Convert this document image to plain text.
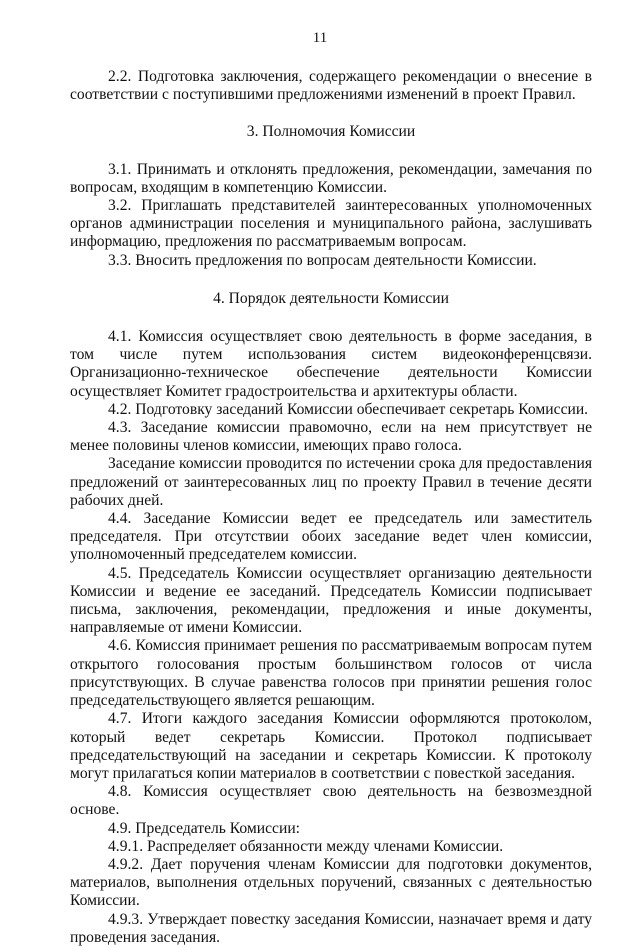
11

2.2. Подготовка заключения, содержащего рекомендации о внесение в соответствии с поступившими предложениями изменений в проект Правил.

3. Полномочия Комиссии

3.1. Принимать и отклонять предложения, рекомендации, замечания по вопросам, входящим в компетенцию Комиссии.

3.2. Приглашать представителей заинтересованных уполномоченных органов администрации поселения и муниципального района, заслушивать информацию, предложения по рассматриваемым вопросам.

3.3. Вносить предложения по вопросам деятельности Комиссии.

4. Порядок деятельности Комиссии

4.1. Комиссия осуществляет свою деятельность в форме заседания, в том числе путем использования систем видеоконференцсвязи. Организационно-техническое обеспечение деятельности Комиссии осуществляет Комитет градостроительства и архитектуры области.

4.2. Подготовку заседаний Комиссии обеспечивает секретарь Комиссии.

4.3. Заседание комиссии правомочно, если на нем присутствует не менее половины членов комиссии, имеющих право голоса.

Заседание комиссии проводится по истечении срока для предоставления предложений от заинтересованных лиц по проекту Правил в течение десяти рабочих дней.

4.4. Заседание Комиссии ведет ее председатель или заместитель председателя. При отсутствии обоих заседание ведет член комиссии, уполномоченный председателем комиссии.

4.5. Председатель Комиссии осуществляет организацию деятельности Комиссии и ведение ее заседаний. Председатель Комиссии подписывает письма, заключения, рекомендации, предложения и иные документы, направляемые от имени Комиссии.

4.6. Комиссия принимает решения по рассматриваемым вопросам путем открытого голосования простым большинством голосов от числа присутствующих. В случае равенства голосов при принятии решения голос председательствующего является решающим.

4.7. Итоги каждого заседания Комиссии оформляются протоколом, который ведет секретарь Комиссии. Протокол подписывает председательствующий на заседании и секретарь Комиссии. К протоколу могут прилагаться копии материалов в соответствии с повесткой заседания.

4.8. Комиссия осуществляет свою деятельность на безвозмездной основе.

4.9. Председатель Комиссии:

4.9.1. Распределяет обязанности между членами Комиссии.

4.9.2. Дает поручения членам Комиссии для подготовки документов, материалов, выполнения отдельных поручений, связанных с деятельностью Комиссии.

4.9.3. Утверждает повестку заседания Комиссии, назначает время и дату проведения заседания.
